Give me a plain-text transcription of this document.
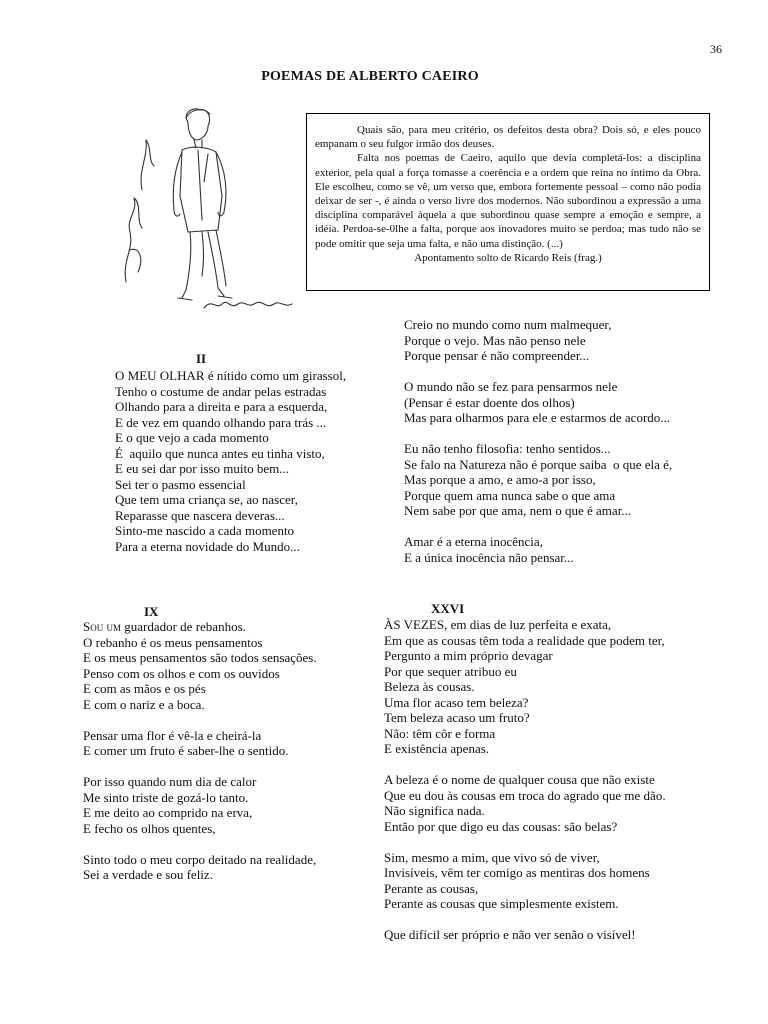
36
POEMAS DE ALBERTO CAEIRO

Quais são, para meu critério, os defeitos desta obra? Dois só, e eles pouco empanam o seu fulgor irmão dos deuses.

Falta nos poemas de Caeiro, aquilo que devia completá-los: a disciplina exterior, pela qual a força tomasse a coerência e a ordem que reina no íntimo da Obra. Ele escolheu, como se vê, um verso que, embora fortemente pessoal – como não podia deixar de ser -, é ainda o verso livre dos modernos. Não subordinou a expressão a uma disciplina comparável àquela a que subordinou quase sempre a emoção e sempre, a idéia. Perdoa-se-0lhe a falta, porque aos inovadores muito se perdoa; mas tudo não se pode omitir que seja uma falta, e não uma distinção. (...)

Apontamento solto de Ricardo Reis (frag.)

II
O MEU OLHAR é nítido como um girassol,
Tenho o costume de andar pelas estradas
Olhando para a direita e para a esquerda,
E de vez em quando olhando para trás ...
E o que vejo a cada momento
É  aquilo que nunca antes eu tinha visto,
E eu sei dar por isso muito bem...
Sei ter o pasmo essencial
Que tem uma criança se, ao nascer,
Reparasse que nascera deveras...
Sinto-me nascido a cada momento
Para a eterna novidade do Mundo...
Creio no mundo como num malmequer,
Porque o vejo. Mas não penso nele
Porque pensar é não compreender...
O mundo não se fez para pensarmos nele
(Pensar é estar doente dos olhos)
Mas para olharmos para ele e estarmos de acordo...
Eu não tenho filosofia: tenho sentidos...
Se falo na Natureza não é porque saiba  o que ela é,
Mas porque a amo, e amo-a por isso,
Porque quem ama nunca sabe o que ama
Nem sabe por que ama, nem o que é amar...
Amar é a eterna inocência,
E a única inocência não pensar...
IX
Sou um guardador de rebanhos.
O rebanho é os meus pensamentos
E os meus pensamentos são todos sensações.
Penso com os olhos e com os ouvidos
E com as mãos e os pés
E com o nariz e a boca.
Pensar uma flor é vê-la e cheirá-la
E comer um fruto é saber-lhe o sentido.
Por isso quando num dia de calor
Me sinto triste de gozá-lo tanto.
E me deito ao comprido na erva,
E fecho os olhos quentes,
Sinto todo o meu corpo deitado na realidade,
Sei a verdade e sou feliz.
XXVI
ÀS VEZES, em dias de luz perfeita e exata,
Em que as cousas têm toda a realidade que podem ter,
Pergunto a mim próprio devagar
Por que sequer atribuo eu
Beleza às cousas.
Uma flor acaso tem beleza?
Tem beleza acaso um fruto?
Não: têm côr e forma
E existência apenas.
A beleza é o nome de qualquer cousa que não existe
Que eu dou às cousas em troca do agrado que me dão.
Não significa nada.
Então por que digo eu das cousas: são belas?
Sim, mesmo a mim, que vivo só de viver,
Invisíveis, vêm ter comigo as mentiras dos homens
Perante as cousas,
Perante as cousas que simplesmente existem.
Que difícil ser próprio e não ver senão o visível!
